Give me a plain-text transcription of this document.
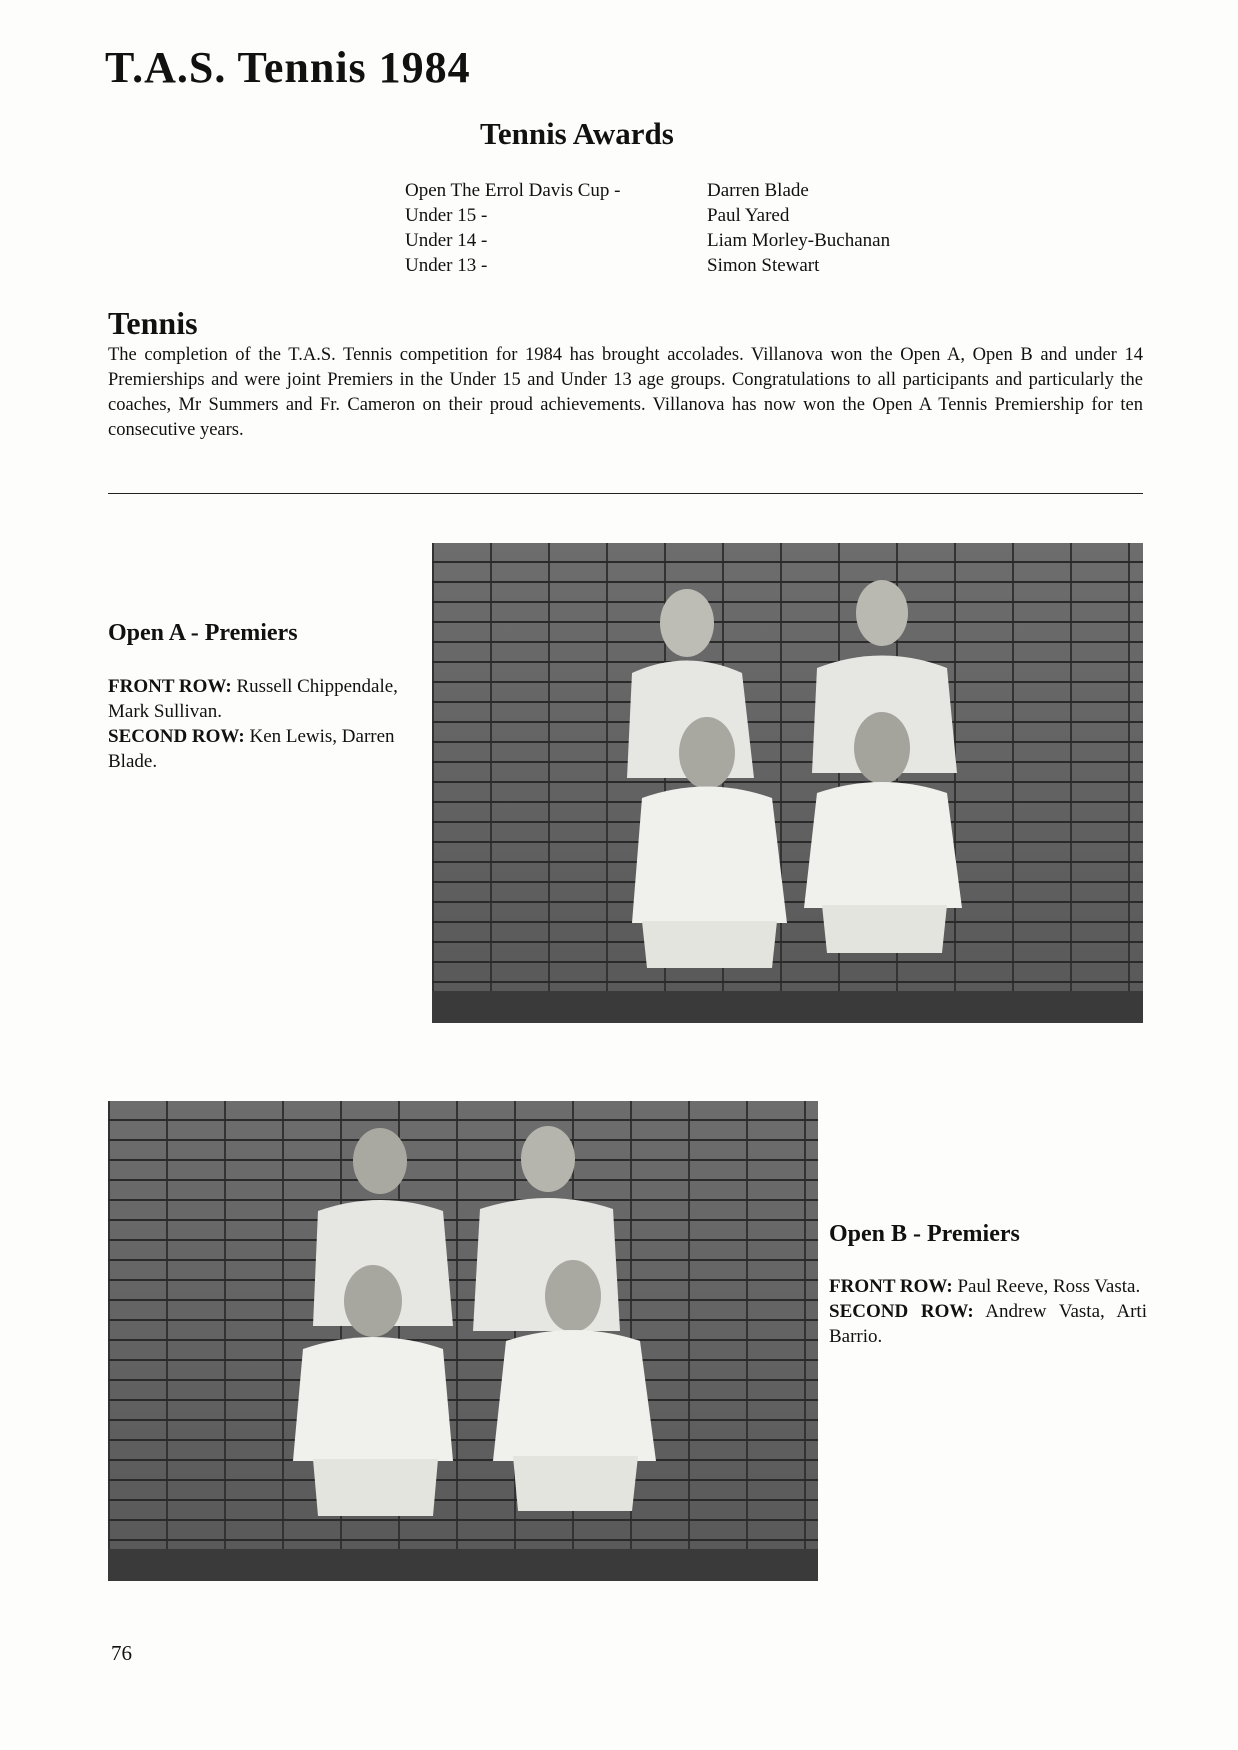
T.A.S. Tennis 1984
Tennis Awards
Open The Errol Davis Cup -	Darren Blade
Under 15 -	Paul Yared
Under 14 -	Liam Morley-Buchanan
Under 13 -	Simon Stewart
Tennis

The completion of the T.A.S. Tennis competition for 1984 has brought accolades. Villanova won the Open A, Open B and under 14 Premierships and were joint Premiers in the Under 15 and Under 13 age groups. Congratulations to all participants and particularly the coaches, Mr Summers and Fr. Cameron on their proud achievements. Villanova has now won the Open A Tennis Premiership for ten consecutive years.

Open A - Premiers

FRONT ROW: Russell Chippendale, Mark Sullivan.
SECOND ROW: Ken Lewis, Darren Blade.

Open B - Premiers

FRONT ROW: Paul Reeve, Ross Vasta.
SECOND ROW: Andrew Vasta, Arti Barrio.

76
